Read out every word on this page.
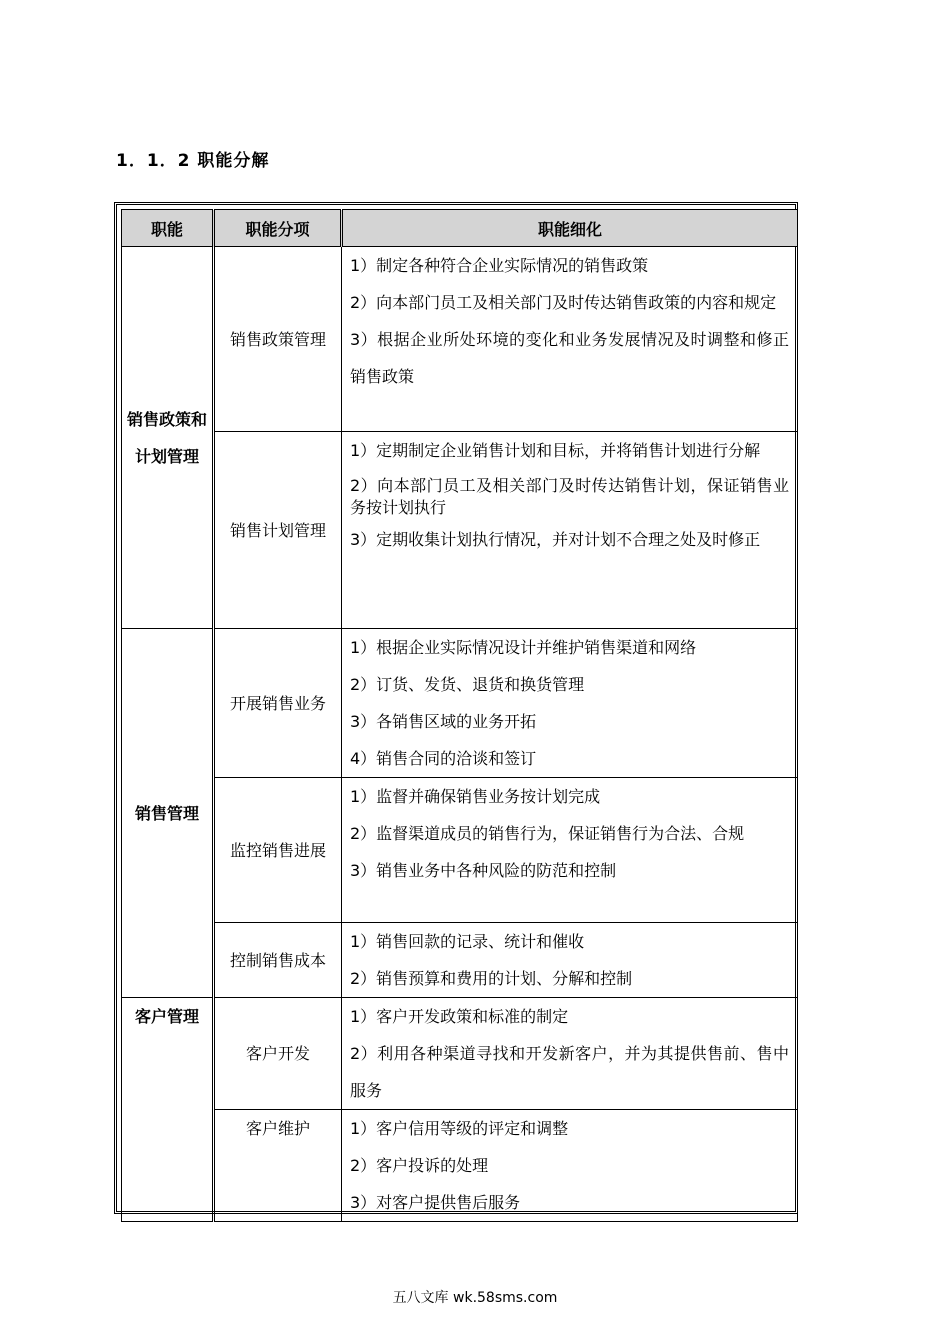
1．1．2 职能分解
职能	职能分项	职能细化
销售政策和计划管理	销售政策管理	1）制定各种符合企业实际情况的销售政策

2）向本部门员工及相关部门及时传达销售政策的内容和规定

3）根据企业所处环境的变化和业务发展情况及时调整和修正销售政策

	销售计划管理	1）定期制定企业销售计划和目标，并将销售计划进行分解

2）向本部门员工及相关部门及时传达销售计划，保证销售业务按计划执行

3）定期收集计划执行情况，并对计划不合理之处及时修正

销售管理	开展销售业务	1）根据企业实际情况设计并维护销售渠道和网络

2）订货、发货、退货和换货管理

3）各销售区域的业务开拓

4）销售合同的洽谈和签订

	监控销售进展	1）监督并确保销售业务按计划完成

2）监督渠道成员的销售行为，保证销售行为合法、合规

3）销售业务中各种风险的防范和控制

	控制销售成本	1）销售回款的记录、统计和催收

2）销售预算和费用的计划、分解和控制

客户管理	客户开发	1）客户开发政策和标准的制定

2）利用各种渠道寻找和开发新客户，并为其提供售前、售中服务

	客户维护	1）客户信用等级的评定和调整

2）客户投诉的处理

3）对客户提供售后服务

五八文库 wk.58sms.com
